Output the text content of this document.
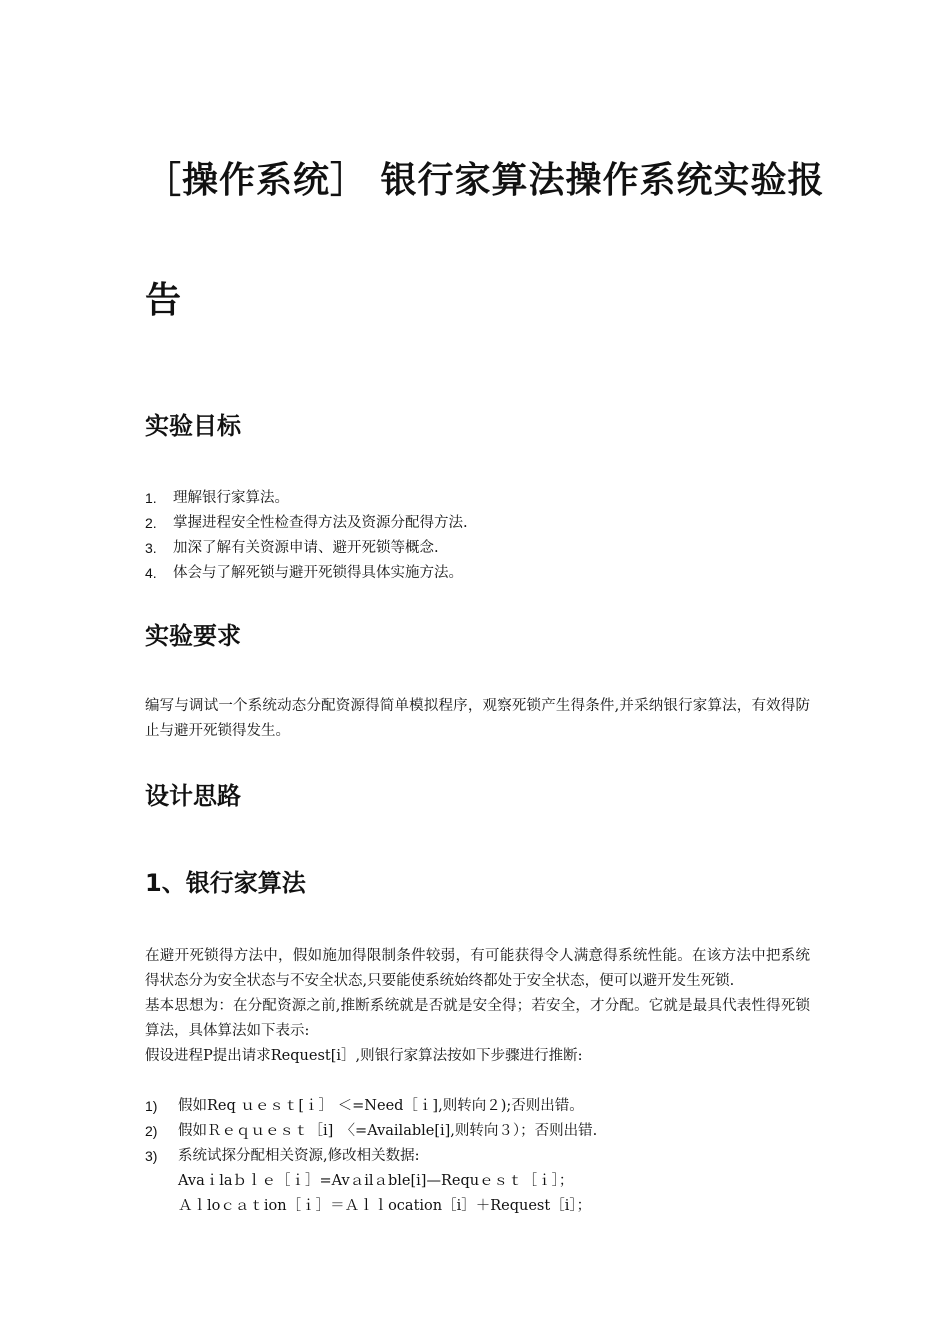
［操作系统］ 银行家算法操作系统实验报
告
实验目标
1.	理解银行家算法。
2.	掌握进程安全性检查得方法及资源分配得方法.
3.	加深了解有关资源申请、避开死锁等概念.
4.	体会与了解死锁与避开死锁得具体实施方法。
实验要求

编写与调试一个系统动态分配资源得简单模拟程序，观察死锁产生得条件,并采纳银行家算法，有效得防止与避开死锁得发生。

设计思路
1、银行家算法

在避开死锁得方法中，假如施加得限制条件较弱，有可能获得令人满意得系统性能。在该方法中把系统得状态分为安全状态与不安全状态,只要能使系统始终都处于安全状态，便可以避开发生死锁.

基本思想为：在分配资源之前,推断系统就是否就是安全得；若安全，才分配。它就是最具代表性得死锁算法，具体算法如下表示:

假设进程P提出请求Request[i］,则银行家算法按如下步骤进行推断:

1)	假如Req ｕｅｓｔ[ｉ］ ＜=Need［ｉ],则转向２);否则出错。
2)	假如Ｒｅｑｕｅｓｔ［i]　〈=Available[i],则转向３）；否则出错.
3)	系统试探分配相关资源,修改相关数据:
Avaｉlaｂｌｅ［ｉ］=Avａilａble[i]—Requｅｓｔ［ｉ］；
Ａｌloｃａｔion［ｉ］＝Ａｌｌocation［i］＋Request［i］；
